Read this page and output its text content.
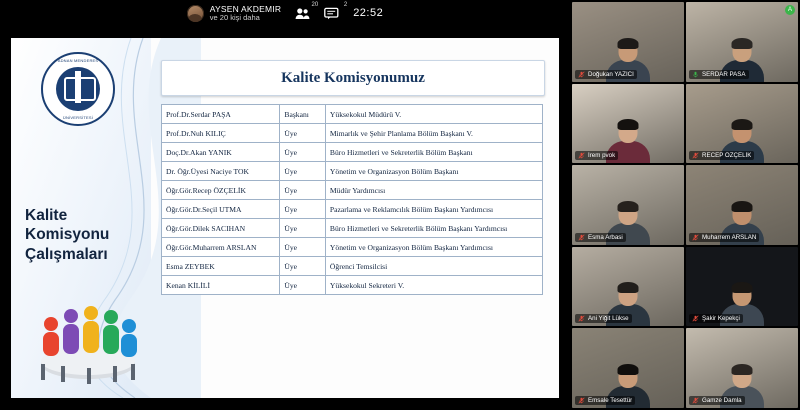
AYSEN AKDEMIR
ve 20 kişi daha
20	2
22:52
ADNAN MENDERES
ÜNİVERSİTESİ
Kalite Komisyonu Çalışmaları
Kalite Komisyonumuz
Prof.Dr.Serdar PAŞA	Başkanı	Yüksekokul Müdürü V.
Prof.Dr.Nuh KILIÇ	Üye	Mimarlık ve Şehir Planlama Bölüm Başkanı V.
Doç.Dr.Akan YANIK	Üye	Büro Hizmetleri ve Sekreterlik Bölüm Başkanı
Dr. Öğr.Üyesi Naciye TOK	Üye	Yönetim ve Organizasyon Bölüm Başkanı
Öğr.Gör.Recep ÖZÇELİK	Üye	Müdür Yardımcısı
Öğr.Gör.Dr.Seçil UTMA	Üye	Pazarlama ve Reklamcılık Bölüm Başkanı Yardımcısı
Öğr.Gör.Dilek SACIHAN	Üye	Büro Hizmetleri ve Sekreterlik Bölüm Başkanı Yardımcısı
Öğr.Gör.Muharrem ARSLAN	Üye	Yönetim ve Organizasyon Bölüm Başkanı Yardımcısı
Esma ZEYBEK	Üye	Öğrenci Temsilcisi
Kenan KİLİLİ	Üye	Yüksekokul Sekreteri V.
Doğukan YAZICI	SERDAR PASA
A
İrem pvok	RECEP ÖZÇELİK
Esma Arbasi	Muharrem ARSLAN
Ani Yiğit Lükse	Şakir Kepekçi
Emsale Tesettür	Gamze Damla
